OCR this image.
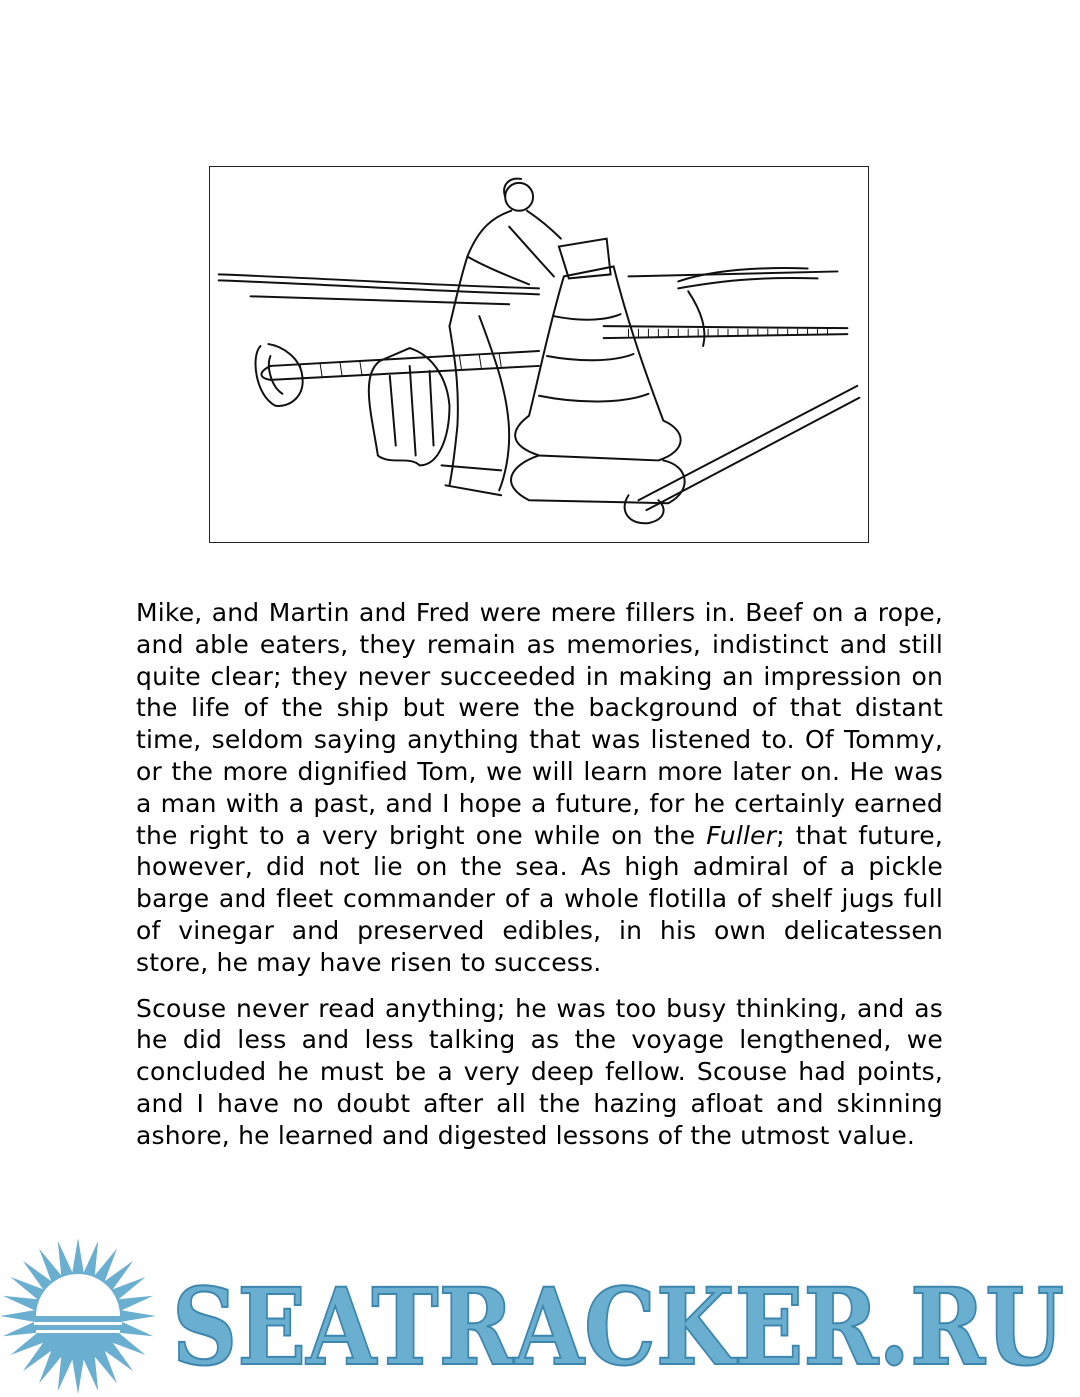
Mike, and Martin and Fred were mere fillers in. Beef on a rope, and able eaters, they remain as memories, indistinct and still quite clear; they never succeeded in making an impression on the life of the ship but were the background of that distant time, seldom saying anything that was listened to. Of Tommy, or the more dignified Tom, we will learn more later on. He was a man with a past, and I hope a future, for he certainly earned the right to a very bright one while on the Fuller; that future, however, did not lie on the sea. As high admiral of a pickle barge and fleet commander of a whole flotilla of shelf jugs full of vinegar and preserved edibles, in his own delicatessen store, he may have risen to success.

Scouse never read anything; he was too busy thinking, and as he did less and less talking as the voyage lengthened, we concluded he must be a very deep fellow. Scouse had points, and I have no doubt after all the hazing afloat and skinning ashore, he learned and digested lessons of the utmost value.

SEATRACKER.RU
